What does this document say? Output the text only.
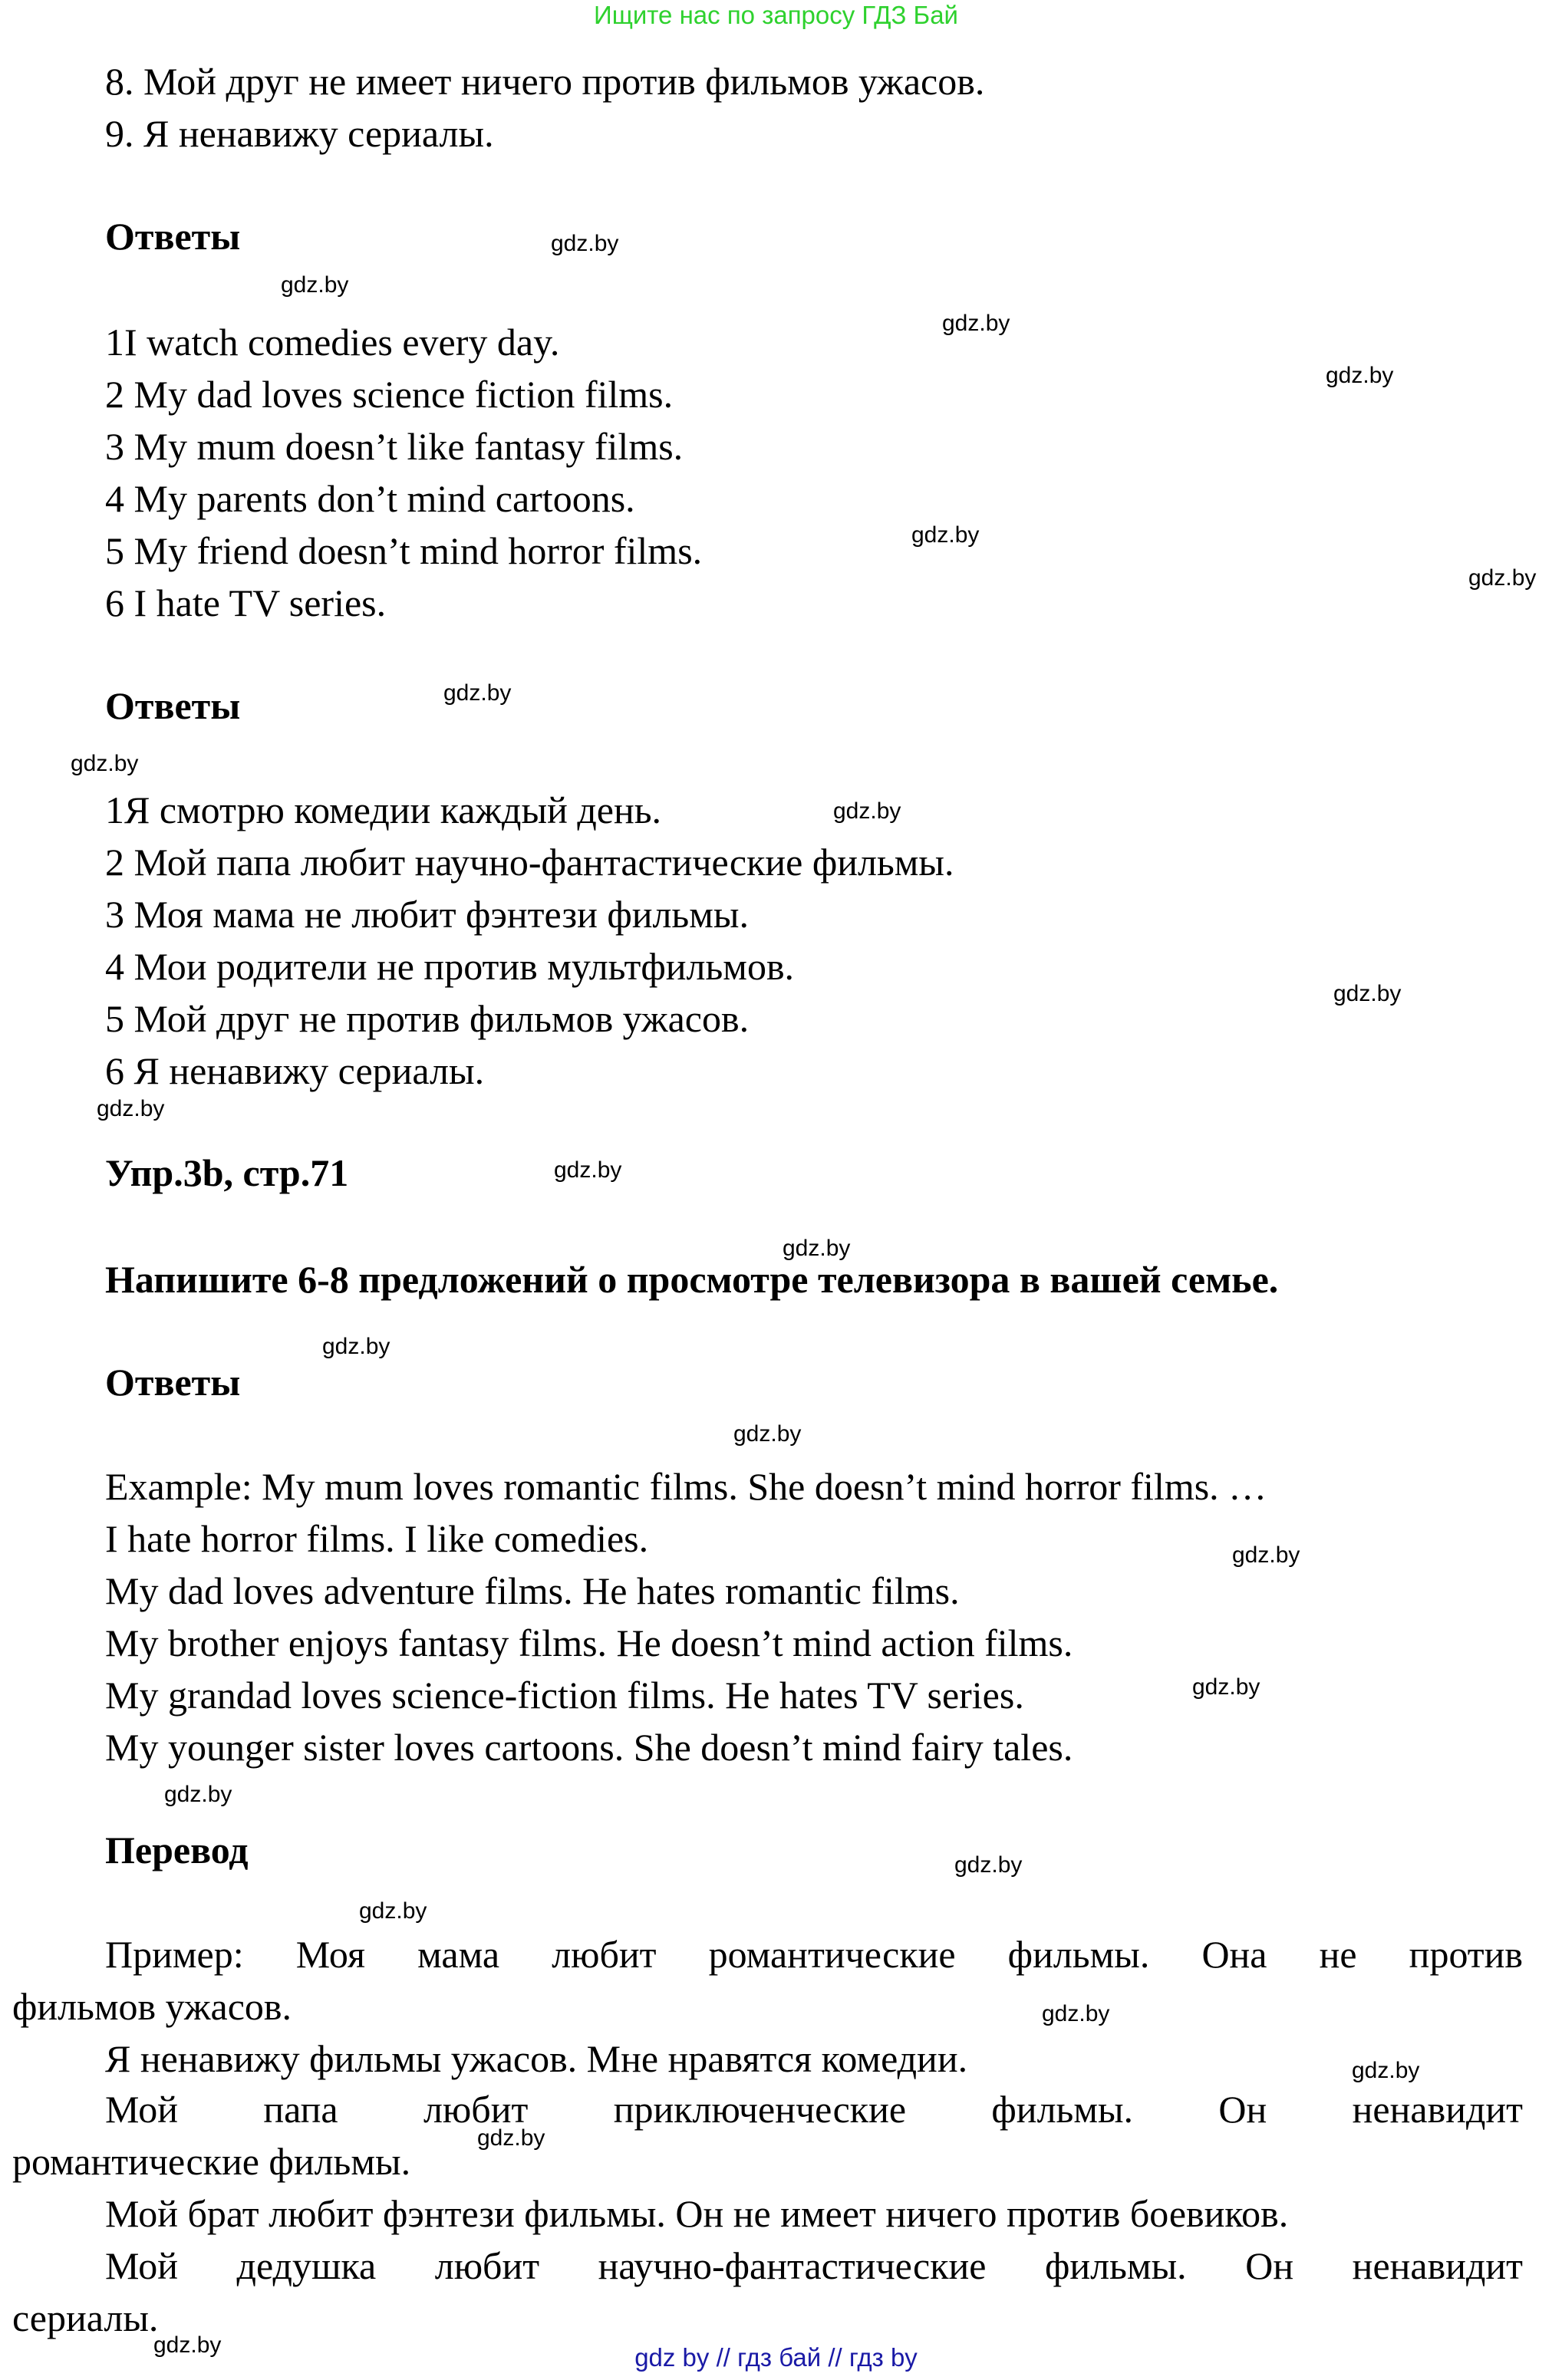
Ищите нас по запросу ГДЗ Бай
8. Мой друг не имеет ничего против фильмов ужасов.
9. Я ненавижу сериалы.
Ответы
1I watch comedies every day.
2 My dad loves science fiction films.
3 My mum doesn’t like fantasy films.
4 My parents don’t mind cartoons.
5 My friend doesn’t mind horror films.
6 I hate TV series.
Ответы
1Я смотрю комедии каждый день.
2 Мой папа любит научно-фантастические фильмы.
3 Моя мама не любит фэнтези фильмы.
4 Мои родители не против мультфильмов.
5 Мой друг не против фильмов ужасов.
6 Я ненавижу сериалы.
Упр.3b, стр.71
Напишите 6-8 предложений о просмотре телевизора в вашей семье.
Ответы
Example: My mum loves romantic films. She doesn’t mind horror films. …
I hate horror films. I like comedies.
My dad loves adventure films. He hates romantic films.
My brother enjoys fantasy films. He doesn’t mind action films.
My grandad loves science-fiction films. He hates TV series.
My younger sister loves cartoons. She doesn’t mind fairy tales.
Перевод
Пример: Моя мама любит романтические фильмы. Она не против
фильмов ужасов.
Я ненавижу фильмы ужасов. Мне нравятся комедии.
Мой папа любит приключенческие фильмы. Он ненавидит
романтические фильмы.
Мой брат любит фэнтези фильмы. Он не имеет ничего против боевиков.
Мой дедушка любит научно-фантастические фильмы. Он ненавидит
сериалы.
gdz.by
gdz.by
gdz.by
gdz.by
gdz.by
gdz.by
gdz.by
gdz.by
gdz.by
gdz.by
gdz.by
gdz.by
gdz.by
gdz.by
gdz.by
gdz.by
gdz.by
gdz.by
gdz.by
gdz.by
gdz.by
gdz.by
gdz.by
gdz.by	gdz by // гдз бай // гдз by
